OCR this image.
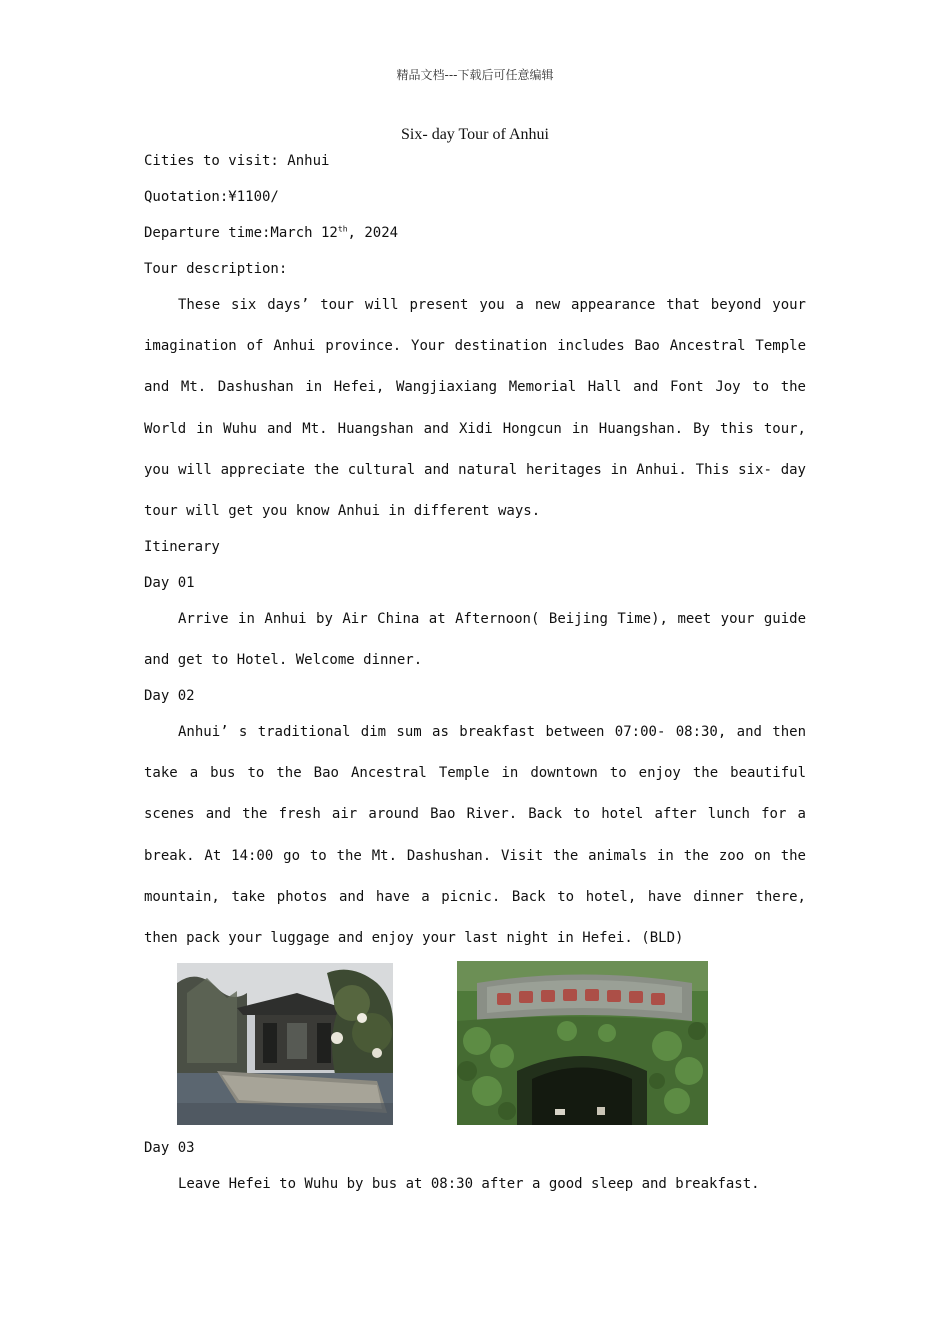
精品文档---下载后可任意编辑
Six- day Tour of Anhui
Cities to visit: Anhui
Quotation:¥1100/
Departure time:March 12th, 2024
Tour description:
These six days’ tour will present you a new appearance that beyond your imagination of Anhui province. Your destination includes Bao Ancestral Temple and Mt. Dashushan in Hefei, Wangjiaxiang Memorial Hall and Font Joy to the World in Wuhu and Mt. Huangshan and Xidi Hongcun in Huangshan. By this tour, you will appreciate the cultural and natural heritages in Anhui. This six- day tour will get you know Anhui in different ways.
Itinerary
Day 01
Arrive in Anhui by Air China at Afternoon( Beijing Time), meet your guide and get to Hotel. Welcome dinner.
Day 02
Anhui’ s traditional dim sum as breakfast between 07:00- 08:30, and then take a bus to the Bao Ancestral Temple in downtown to enjoy the beautiful scenes and the fresh air around Bao River. Back to hotel after lunch for a break. At 14:00 go to the Mt. Dashushan. Visit the animals in the zoo on the mountain, take photos and have a picnic. Back to hotel, have dinner there, then pack your luggage and enjoy your last night in Hefei. (BLD)
Day 03
Leave Hefei to Wuhu by bus at 08:30 after a good sleep and breakfast.
